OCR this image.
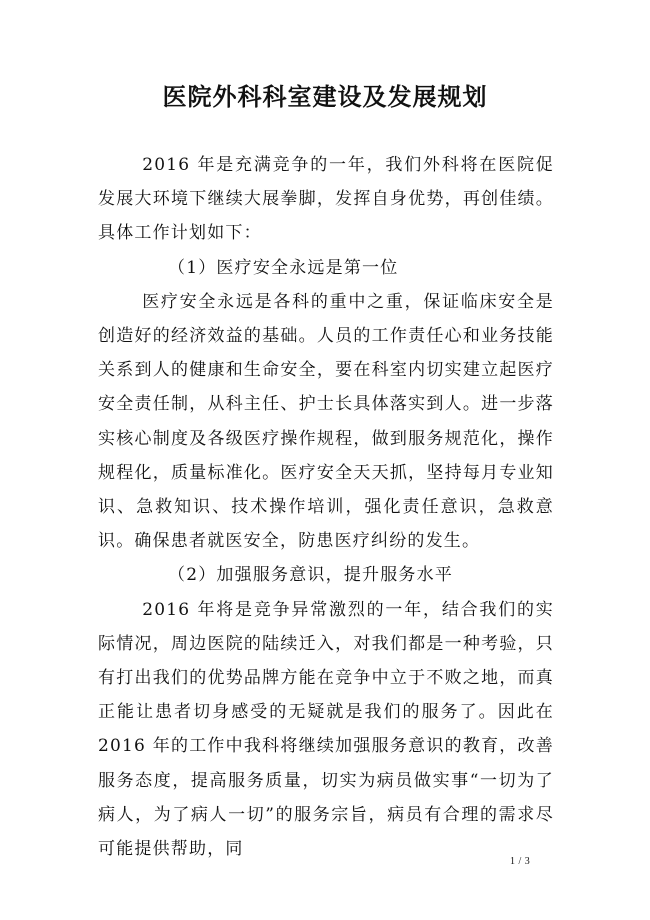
医院外科科室建设及发展规划

2016 年是充满竞争的一年，我们外科将在医院促发展大环境下继续大展拳脚，发挥自身优势，再创佳绩。具体工作计划如下：

（1）医疗安全永远是第一位

医疗安全永远是各科的重中之重，保证临床安全是创造好的经济效益的基础。人员的工作责任心和业务技能关系到人的健康和生命安全，要在科室内切实建立起医疗安全责任制，从科主任、护士长具体落实到人。进一步落实核心制度及各级医疗操作规程，做到服务规范化，操作规程化，质量标准化。医疗安全天天抓，坚持每月专业知识、急救知识、技术操作培训，强化责任意识，急救意识。确保患者就医安全，防患医疗纠纷的发生。

（2）加强服务意识，提升服务水平

2016 年将是竞争异常激烈的一年，结合我们的实际情况，周边医院的陆续迁入，对我们都是一种考验，只有打出我们的优势品牌方能在竞争中立于不败之地，而真正能让患者切身感受的无疑就是我们的服务了。因此在 2016 年的工作中我科将继续加强服务意识的教育，改善服务态度，提高服务质量，切实为病员做实事“一切为了病人，为了病人一切”的服务宗旨，病员有合理的需求尽可能提供帮助，同

1 / 3
